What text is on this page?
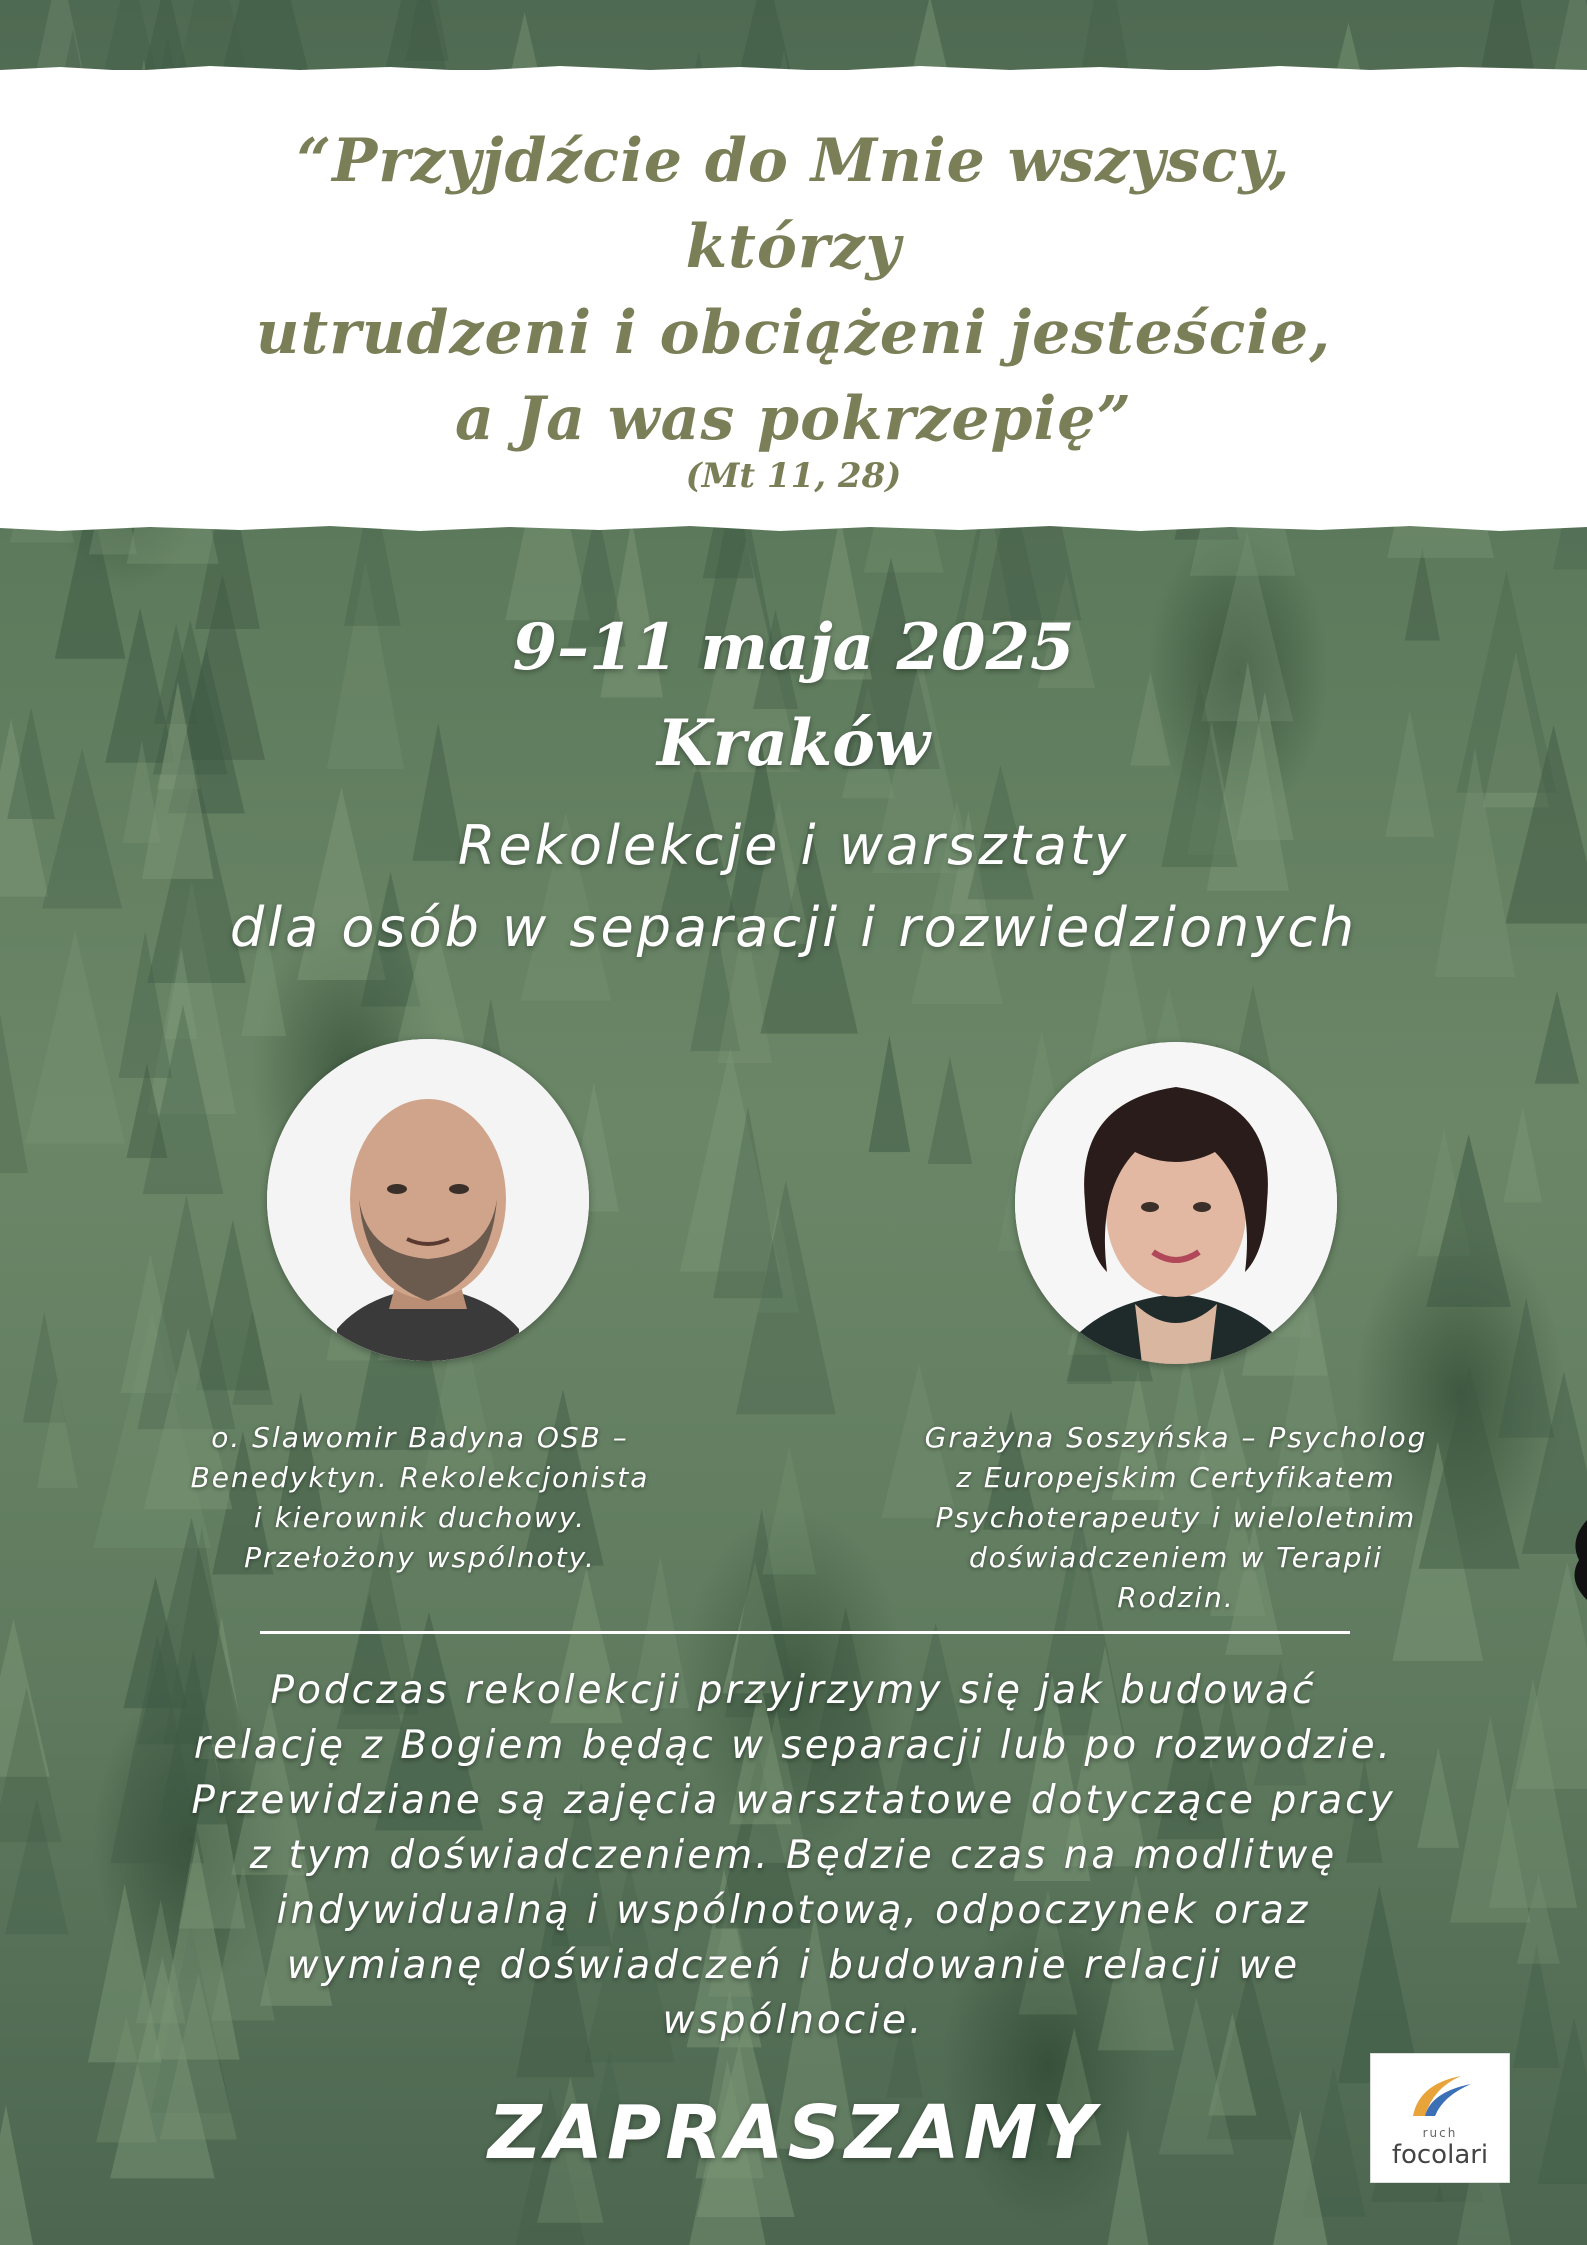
“Przyjdźcie do Mnie wszyscy,
którzy
utrudzeni i obciążeni jesteście,
a Ja was pokrzepię”
(Mt 11, 28)
9–11 maja 2025
Kraków
Rekolekcje i warsztaty
dla osób w separacji i rozwiedzionych
o. Slawomir Badyna OSB –
Benedyktyn. Rekolekcjonista
i kierownik duchowy.
Przełożony wspólnoty.
Grażyna Soszyńska – Psycholog
z Europejskim Certyfikatem
Psychoterapeuty i wieloletnim
doświadczeniem w Terapii
Rodzin.
Podczas rekolekcji przyjrzymy się jak budować
relację z Bogiem będąc w separacji lub po rozwodzie.
Przewidziane są zajęcia warsztatowe dotyczące pracy
z tym doświadczeniem. Będzie czas na modlitwę
indywidualną i wspólnotową, odpoczynek oraz
wymianę doświadczeń i budowanie relacji we
wspólnocie.
ZAPRASZAMY	ruch
focolari
